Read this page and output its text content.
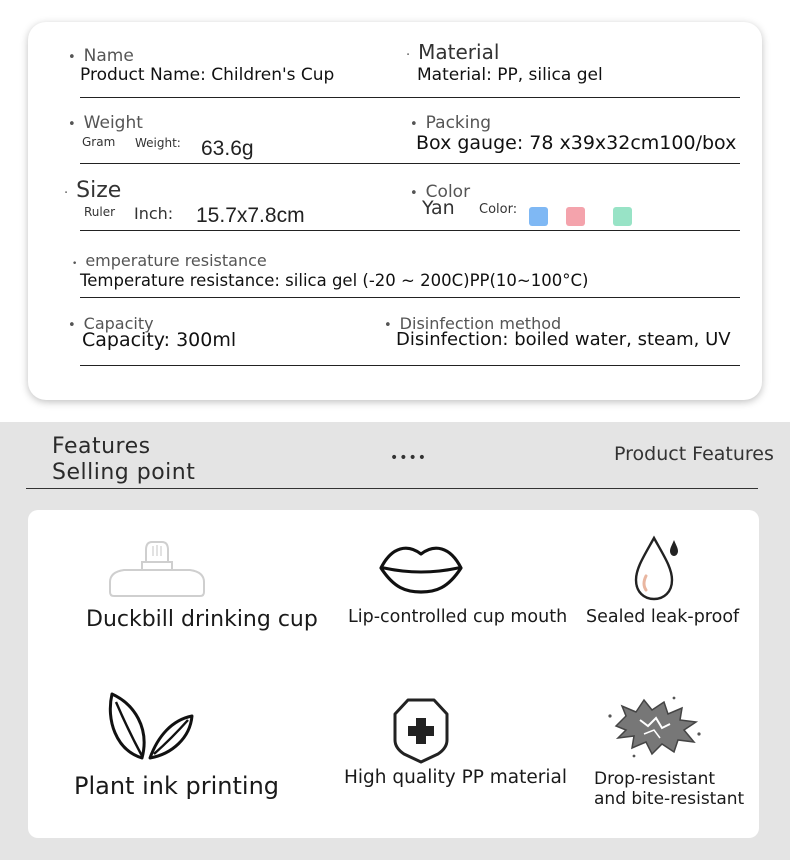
• Name
Product Name: Children's Cup
· Material
Material: PP, silica gel
• Weight
Gram Weight: 63.6g
• Packing
Box gauge: 78 x39x32cm100/box
· Size
Ruler Inch: 15.7x7.8cm
• Color
Yan Color:
• emperature resistance
Temperature resistance: silica gel (-20 ~ 200C)PP(10~100°C)
• Capacity
Capacity: 300ml
• Disinfection method
Disinfection: boiled water, steam, UV
Features
Selling point
••••	Product Features
Duckbill drinking cup Lip-controlled cup mouth Sealed leak-proof
Plant ink printing	High quality PP material Drop-resistant
and bite-resistant
